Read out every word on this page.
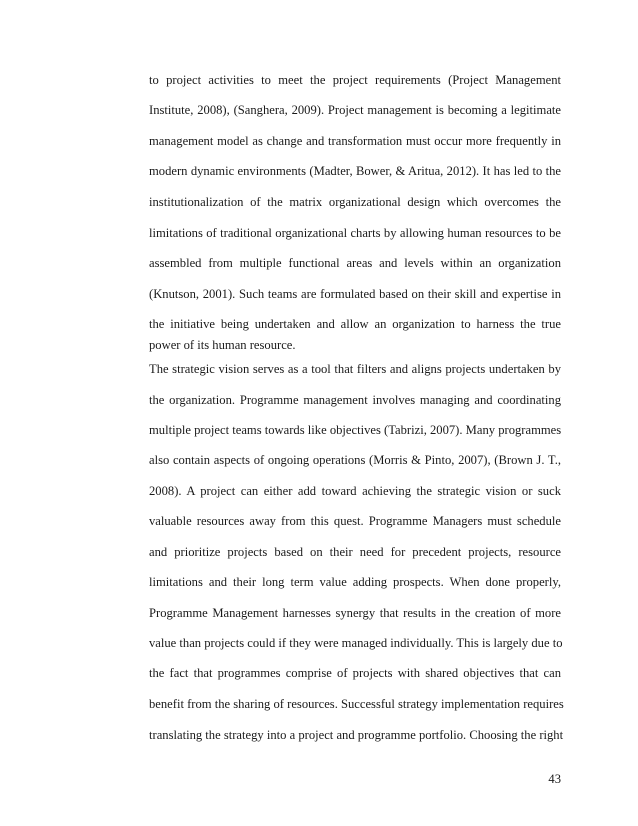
to project activities to meet the project requirements (Project Management
Institute, 2008), (Sanghera, 2009). Project management is becoming a legitimate
management model as change and transformation must occur more frequently in
modern dynamic environments (Madter, Bower, & Aritua, 2012). It has led to the
institutionalization of the matrix organizational design which overcomes the
limitations of traditional organizational charts by allowing human resources to be
assembled from multiple functional areas and levels within an organization
(Knutson, 2001). Such teams are formulated based on their skill and expertise in
the initiative being undertaken and allow an organization to harness the true
power of its human resource.
The strategic vision serves as a tool that filters and aligns projects undertaken by
the organization. Programme management involves managing and coordinating
multiple project teams towards like objectives (Tabrizi, 2007). Many programmes
also contain aspects of ongoing operations (Morris & Pinto, 2007), (Brown J. T.,
2008). A project can either add toward achieving the strategic vision or suck
valuable resources away from this quest. Programme Managers must schedule
and prioritize projects based on their need for precedent projects, resource
limitations and their long term value adding prospects. When done properly,
Programme Management harnesses synergy that results in the creation of more
value than projects could if they were managed individually. This is largely due to
the fact that programmes comprise of projects with shared objectives that can
benefit from the sharing of resources. Successful strategy implementation requires
translating the strategy into a project and programme portfolio. Choosing the right
43
